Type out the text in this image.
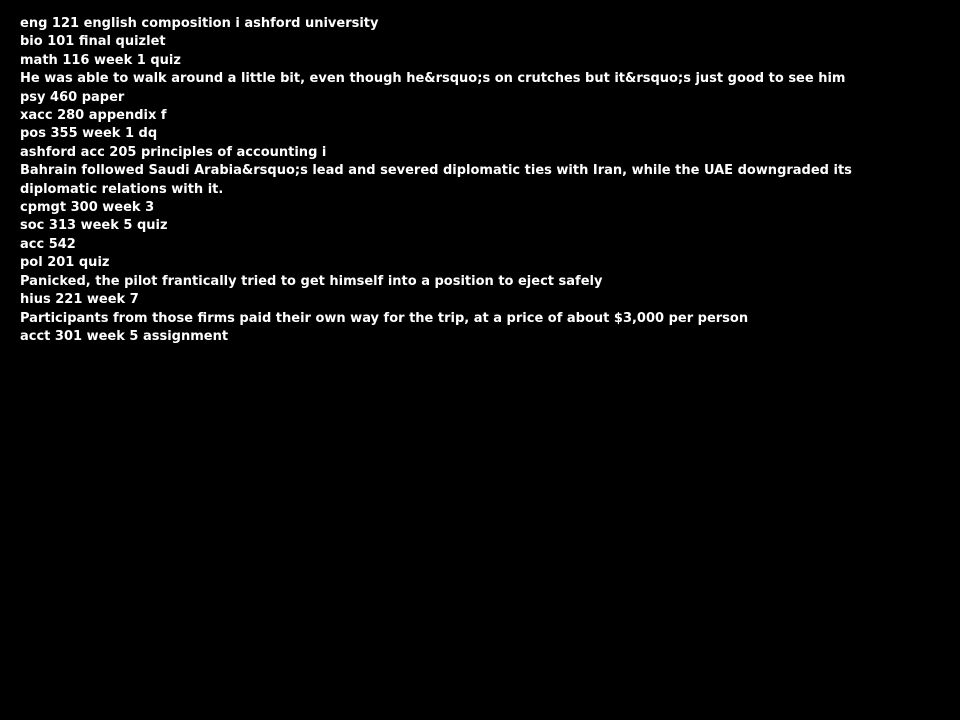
eng 121 english composition i ashford university
bio 101 final quizlet
math 116 week 1 quiz
He was able to walk around a little bit, even though he&rsquo;s on crutches but it&rsquo;s just good to see him
psy 460 paper
xacc 280 appendix f
pos 355 week 1 dq
ashford acc 205 principles of accounting i
Bahrain followed Saudi Arabia&rsquo;s lead and severed diplomatic ties with Iran, while the UAE downgraded its diplomatic relations with it.
cpmgt 300 week 3
soc 313 week 5 quiz
acc 542
pol 201 quiz
Panicked, the pilot frantically tried to get himself into a position to eject safely
hius 221 week 7
Participants from those firms paid their own way for the trip, at a price of about $3,000 per person
acct 301 week 5 assignment
